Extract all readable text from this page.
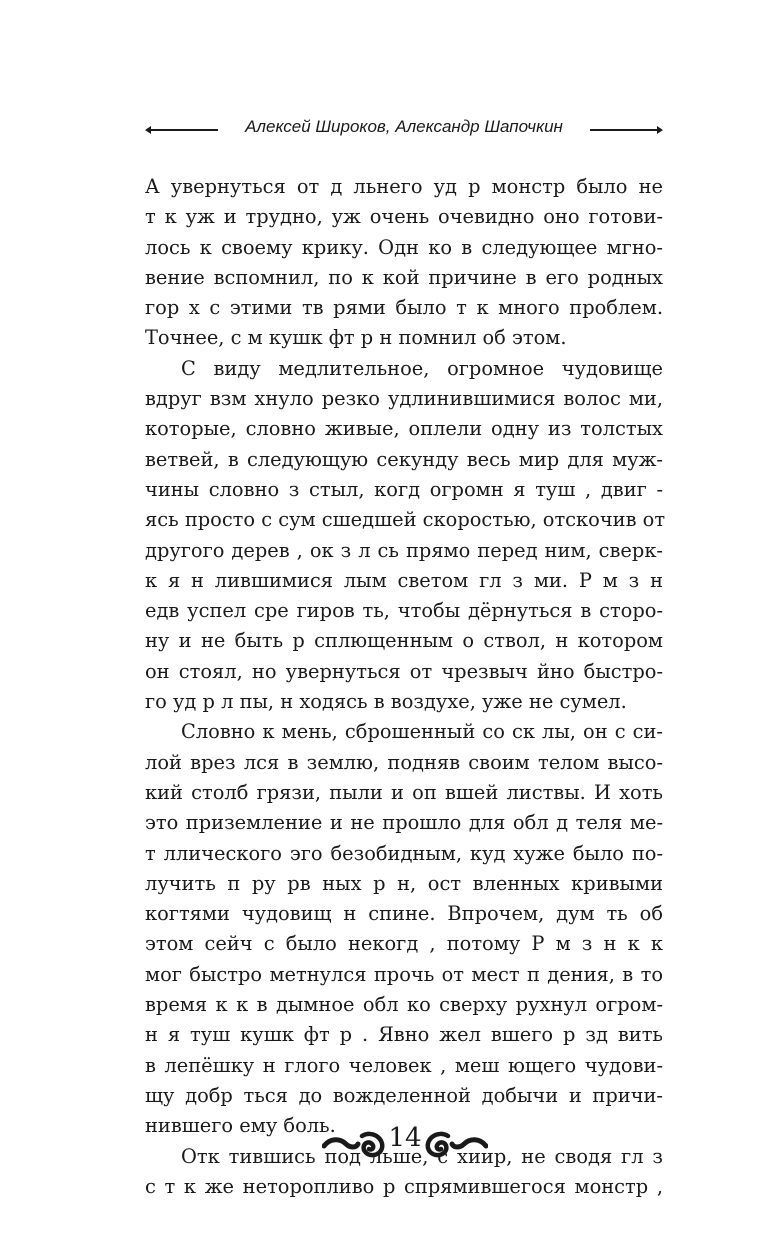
Алексей Широков, Александр Шапочкин
А увернуться от д льнего уд р монстр было не
т к уж и трудно, уж очень очевидно оно готови-
лось к своему крику. Одн ко в следующее мгно-
вение вспомнил, по к кой причине в его родных
гор х с этими тв рями было т к много проблем.
Точнее, с м кушк фт р н помнил об этом.
С виду медлительное, огромное чудовище
вдруг взм хнуло резко удлинившимися волос ми,
которые, словно живые, оплели одну из толстых
ветвей, в следующую секунду весь мир для муж-
чины словно з стыл, когд огромн я туш , двиг -
ясь просто с сум сшедшей скоростью, отскочив от
другого дерев , ок з л сь прямо перед ним, сверк-
к я н лившимися лым светом гл з ми. Р м з н
едв успел сре гиров ть, чтобы дёрнуться в сторо-
ну и не быть р сплющенным о ствол, н котором
он стоял, но увернуться от чрезвыч йно быстро-
го уд р л пы, н ходясь в воздухе, уже не сумел.
Словно к мень, сброшенный со ск лы, он с си-
лой врез лся в землю, подняв своим телом высо-
кий столб грязи, пыли и оп вшей листвы. И хоть
это приземление и не прошло для обл д теля ме-
т ллического эго безобидным, куд хуже было по-
лучить п ру рв ных р н, ост вленных кривыми
когтями чудовищ н спине. Впрочем, дум ть об
этом сейч с было некогд , потому Р м з н к к
мог быстро метнулся прочь от мест п дения, в то
время к к в дымное обл ко сверху рухнул огром-
н я туш кушк фт р . Явно жел вшего р зд вить
в лепёшку н глого человек , меш ющего чудови-
щу добр ться до вожделенной добычи и причи-
нившего ему боль.
Отк тившись под льше, с хиир, не сводя гл з
с т к же неторопливо р спрямившегося монстр ,
14
